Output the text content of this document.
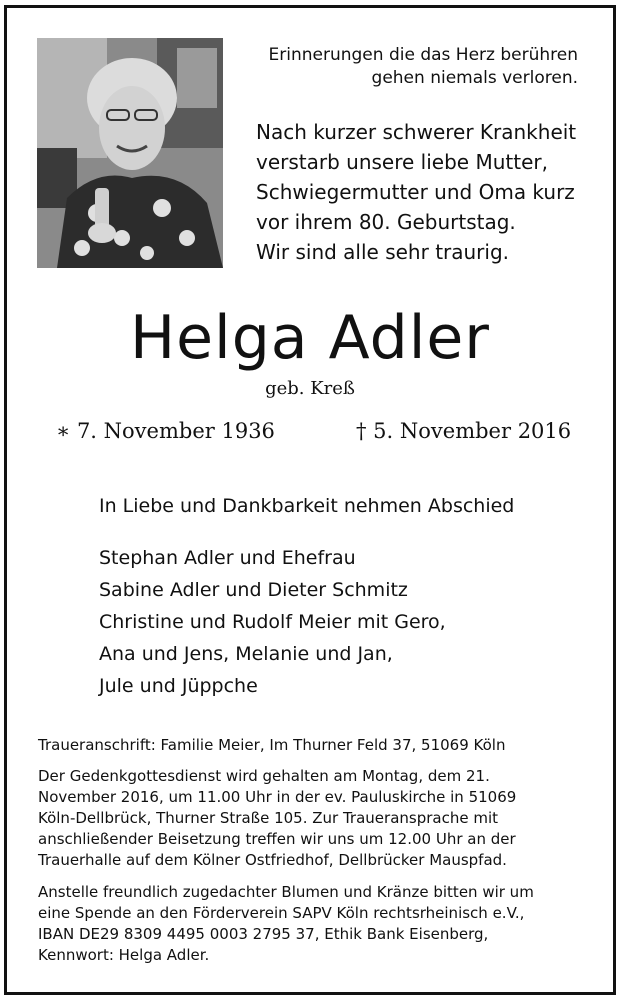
Erinnerungen die das Herz berühren
gehen niemals verloren.
Nach kurzer schwerer Krankheit
verstarb unsere liebe Mutter,
Schwiegermutter und Oma kurz
vor ihrem 80. Geburtstag.
Wir sind alle sehr traurig.
Helga Adler
geb. Kreß
∗ 7. November 1936	† 5. November 2016
In Liebe und Dankbarkeit nehmen Abschied
Stephan Adler und Ehefrau
Sabine Adler und Dieter Schmitz
Christine und Rudolf Meier mit Gero,
Ana und Jens, Melanie und Jan,
Jule und Jüppche
Traueranschrift: Familie Meier, Im Thurner Feld 37, 51069 Köln
Der Gedenkgottesdienst wird gehalten am Montag, dem 21.
November 2016, um 11.00 Uhr in der ev. Pauluskirche in 51069
Köln-Dellbrück, Thurner Straße 105. Zur Traueransprache mit
anschließender Beisetzung treffen wir uns um 12.00 Uhr an der
Trauerhalle auf dem Kölner Ostfriedhof, Dellbrücker Mauspfad.
Anstelle freundlich zugedachter Blumen und Kränze bitten wir um
eine Spende an den Förderverein SAPV Köln rechtsrheinisch e.V.,
IBAN DE29 8309 4495 0003 2795 37, Ethik Bank Eisenberg,
Kennwort: Helga Adler.
